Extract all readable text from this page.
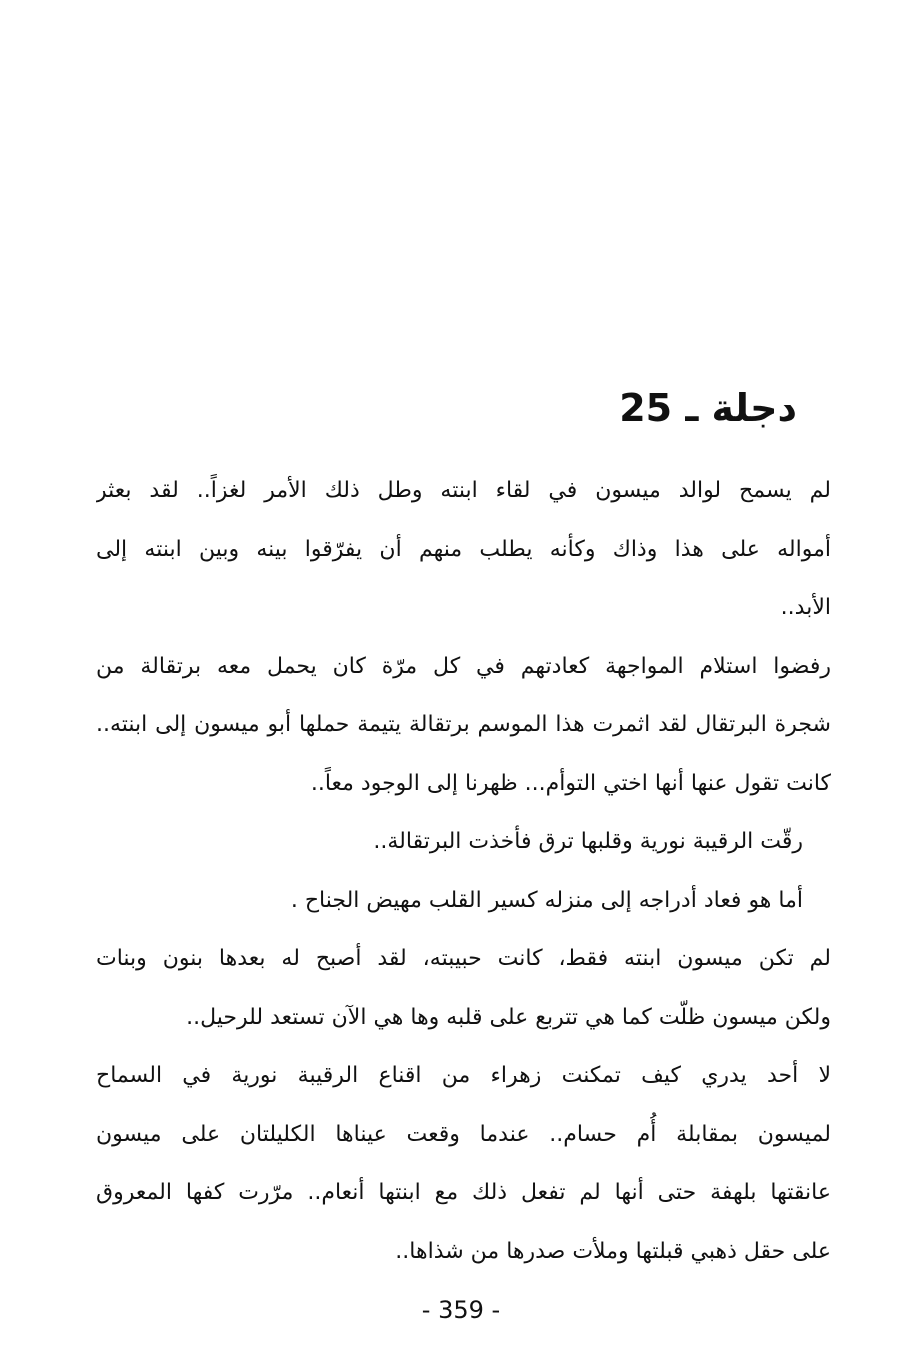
دجلة ـ 25
لم يسمح لوالد ميسون في لقاء ابنته وطل ذلك الأمر لغزاً.. لقد بعثر
أمواله على هذا وذاك وكأنه يطلب منهم أن يفرّقوا بينه وبين ابنته إلى
الأبد..
رفضوا استلام المواجهة كعادتهم في كل مرّة كان يحمل معه برتقالة من
شجرة البرتقال لقد اثمرت هذا الموسم برتقالة يتيمة حملها أبو ميسون إلى ابنته..
كانت تقول عنها أنها اختي التوأم... ظهرنا إلى الوجود معاً..
رقّت الرقيبة نورية وقلبها ترق فأخذت البرتقالة..
أما هو فعاد أدراجه إلى منزله كسير القلب مهيض الجناح .
لم تكن ميسون ابنته فقط، كانت حبيبته، لقد أصبح له بعدها بنون وبنات
ولكن ميسون ظلّت كما هي تتربع على قلبه وها هي الآن تستعد للرحيل..
لا أحد يدري كيف تمكنت زهراء من اقناع الرقيبة نورية في السماح
لميسون بمقابلة أُم حسام.. عندما وقعت عيناها الكليلتان على ميسون
عانقتها بلهفة حتى أنها لم تفعل ذلك مع ابنتها أنعام.. مرّرت كفها المعروق
على حقل ذهبي قبلتها وملأت صدرها من شذاها..
- 359 -
